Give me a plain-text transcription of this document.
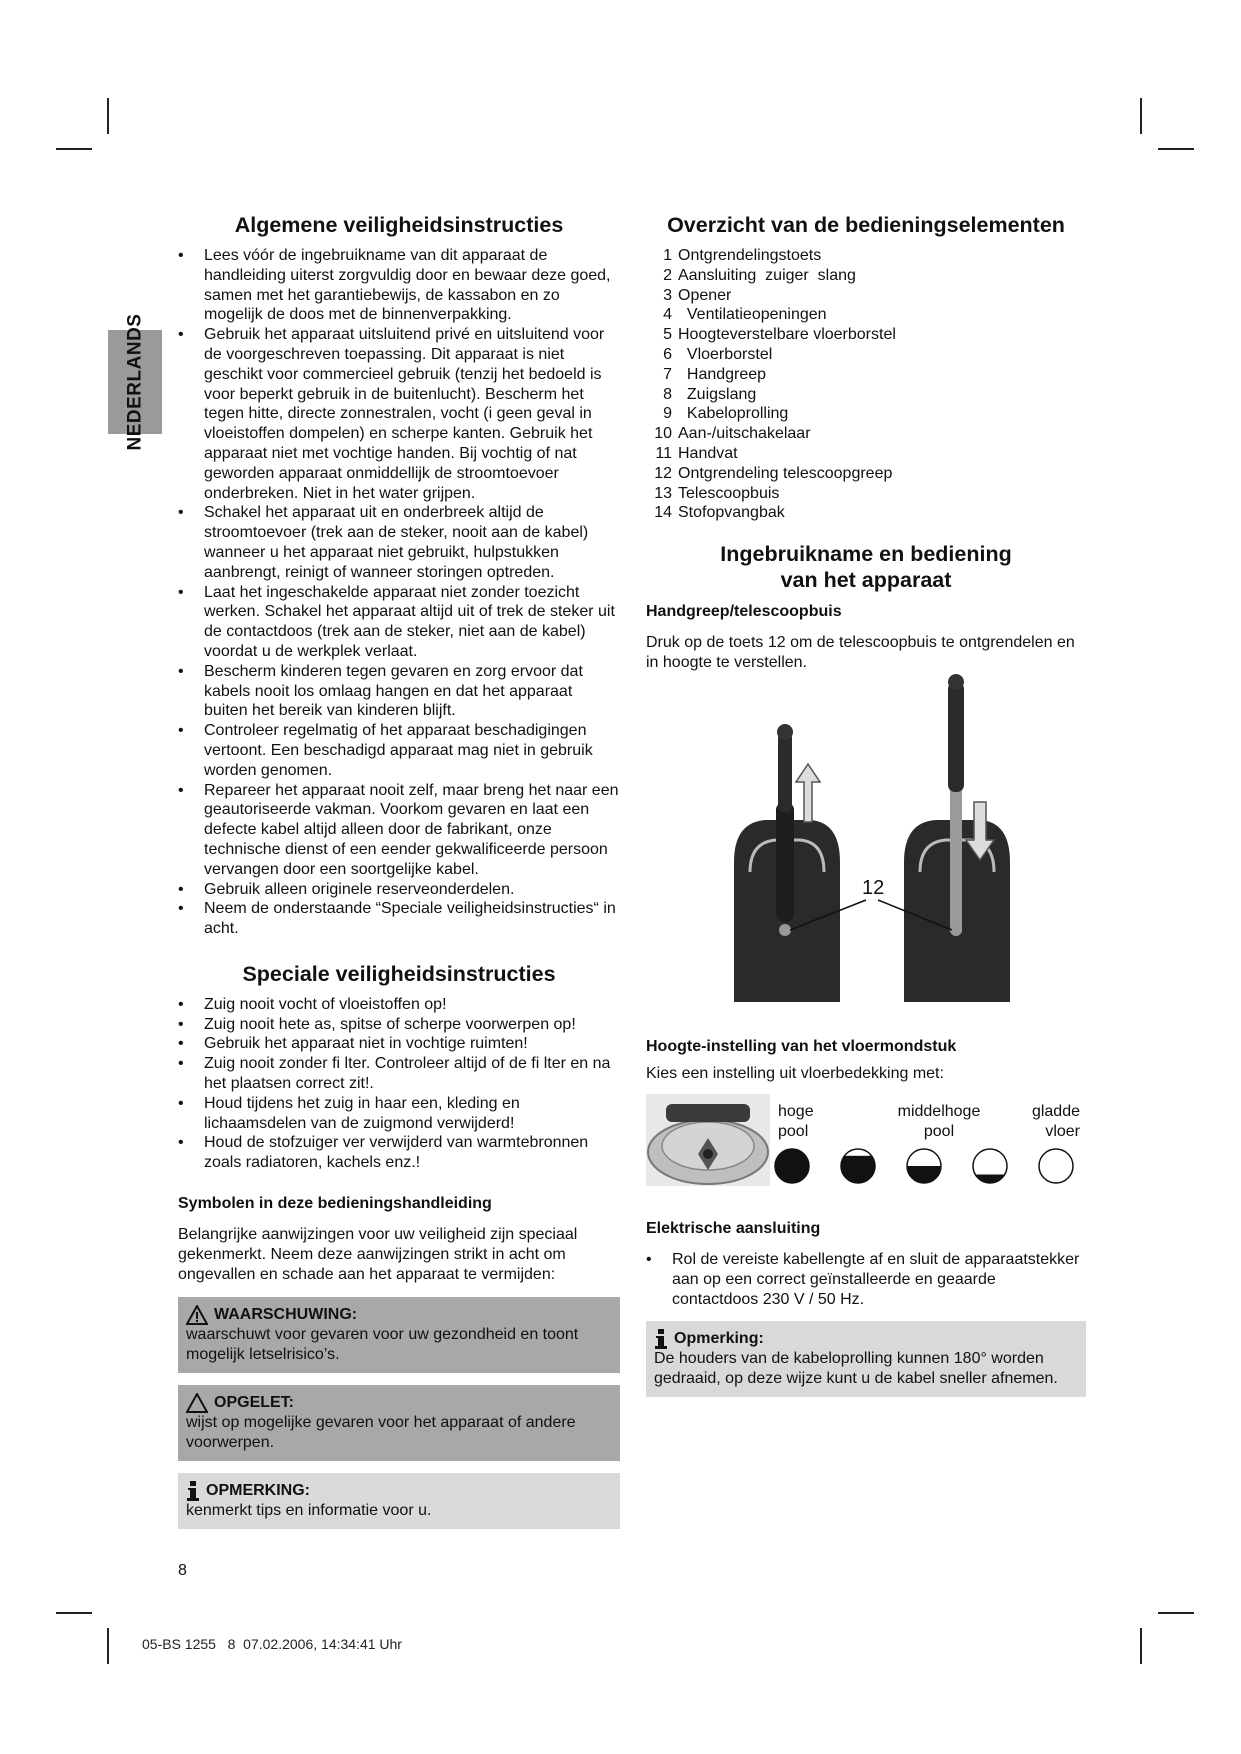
NEDERLANDS
Algemene veiligheidsinstructies
• Lees vóór de ingebruikname van dit apparaat de handleiding uiterst zorgvuldig door en bewaar deze goed, samen met het garantiebewijs, de kassabon en zo mogelijk de doos met de binnenverpakking.
• Gebruik het apparaat uitsluitend privé en uitsluitend voor de voorgeschreven toepassing. Dit apparaat is niet geschikt voor commercieel gebruik (tenzij het bedoeld is voor beperkt gebruik in de buitenlucht). Bescherm het tegen hitte, directe zonnestralen, vocht (i geen geval in vloeistoffen dompelen) en scherpe kanten. Gebruik het apparaat niet met vochtige handen. Bij vochtig of nat geworden apparaat onmiddellijk de stroomtoevoer onderbreken. Niet in het water grijpen.
• Schakel het apparaat uit en onderbreek altijd de stroomtoevoer (trek aan de steker, nooit aan de kabel) wanneer u het apparaat niet gebruikt, hulpstukken aanbrengt, reinigt of wanneer storingen optreden.
• Laat het ingeschakelde apparaat niet zonder toezicht werken. Schakel het apparaat altijd uit of trek de steker uit de contactdoos (trek aan de steker, niet aan de kabel) voordat u de werkplek verlaat.
• Bescherm kinderen tegen gevaren en zorg ervoor dat kabels nooit los omlaag hangen en dat het apparaat buiten het bereik van kinderen blijft.
• Controleer regelmatig of het apparaat beschadigingen vertoont. Een beschadigd apparaat mag niet in gebruik worden genomen.
• Repareer het apparaat nooit zelf, maar breng het naar een geautoriseerde vakman. Voorkom gevaren en laat een defecte kabel altijd alleen door de fabrikant, onze technische dienst of een eender gekwalificeerde persoon vervangen door een soortgelijke kabel.
• Gebruik alleen originele reserveonderdelen.
• Neem de onderstaande “Speciale veiligheidsinstructies“ in acht.
Speciale veiligheidsinstructies
• Zuig nooit vocht of vloeistoffen op!
• Zuig nooit hete as, spitse of scherpe voorwerpen op!
• Gebruik het apparaat niet in vochtige ruimten!
• Zuig nooit zonder fi lter. Controleer altijd of de fi lter en na het plaatsen correct zit!.
• Houd tijdens het zuig in haar een, kleding en lichaamsdelen van de zuigmond verwijderd!
• Houd de stofzuiger ver verwijderd van warmtebronnen zoals radiatoren, kachels enz.!

Symbolen in deze bedieningshandleiding

Belangrijke aanwijzingen voor uw veiligheid zijn speciaal gekenmerkt. Neem deze aanwijzingen strikt in acht om ongevallen en schade aan het apparaat te vermijden:

WAARSCHUWING:
waarschuwt voor gevaren voor uw gezondheid en toont mogelijk letselrisico’s.
OPGELET:
wijst op mogelijke gevaren voor het apparaat of andere voorwerpen.
OPMERKING:
kenmerkt tips en informatie voor u.
Overzicht van de bedieningselementen
1 Ontgrendelingstoets
2 Aansluiting  zuiger  slang
3 Opener
4 Ventilatieopeningen
5 Hoogteverstelbare vloerborstel
6 Vloerborstel
7 Handgreep
8 Zuigslang
9 Kabeloprolling
10 Aan-/uitschakelaar
11 Handvat
12 Ontgrendeling telescoopgreep
13 Telescoopbuis
14 Stofopvangbak
Ingebruikname en bediening
van het apparaat

Handgreep/telescoopbuis

Druk op de toets 12 om de telescoopbuis te ontgrendelen en in hoogte te verstellen.

12

Hoogte-instelling van het vloermondstuk

Kies een instelling uit vloerbedekking met:

hoge
pool
middelhoge
pool
gladde
vloer

Elektrische aansluiting

• Rol de vereiste kabellengte af en sluit de apparaatstekker aan op een correct geïnstalleerde en geaarde contactdoos 230 V / 50 Hz.
Opmerking:
De houders van de kabeloprolling kunnen 180° worden gedraaid, op deze wijze kunt u de kabel sneller afnemen.
8
05-BS 1255   8  07.02.2006, 14:34:41 Uhr
